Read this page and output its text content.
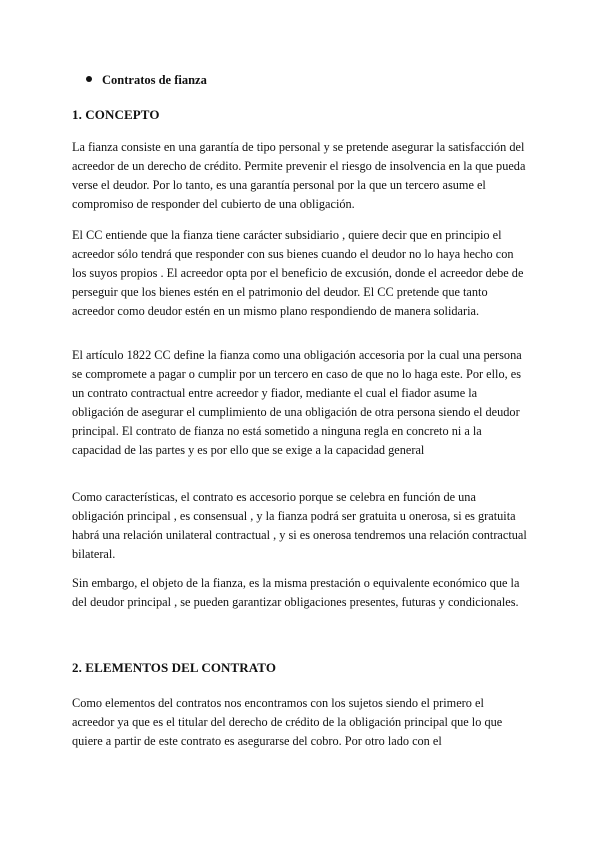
Contratos de fianza
1. CONCEPTO

La fianza consiste en una garantía de tipo personal y se pretende asegurar la satisfacción del acreedor de un derecho de crédito. Permite prevenir el riesgo de insolvencia en la que pueda verse el deudor. Por lo tanto, es una garantía personal por la que un tercero asume el compromiso de responder del cubierto de una obligación.

El CC entiende que la fianza tiene carácter subsidiario , quiere decir que en principio el acreedor sólo tendrá que responder con sus bienes cuando el deudor no lo haya hecho con los suyos propios . El acreedor opta por el beneficio de excusión, donde el acreedor debe de perseguir que los bienes estén en el patrimonio del deudor. El CC pretende que tanto acreedor como deudor estén en un mismo plano respondiendo de manera solidaria.

El artículo 1822 CC define la fianza como una obligación accesoria por la cual una persona se compromete a pagar o cumplir por un tercero en caso de que no lo haga este. Por ello, es un contrato contractual entre acreedor y fiador, mediante el cual el fiador asume la obligación de asegurar el cumplimiento de una obligación de otra persona siendo el deudor principal. El contrato de fianza no está sometido a ninguna regla en concreto ni a la capacidad de las partes y es por ello que se exige a la capacidad general

Como características, el contrato es accesorio porque se celebra en función de una obligación principal , es consensual , y la fianza podrá ser gratuita u onerosa, si es gratuita habrá una relación unilateral contractual , y si es onerosa tendremos una relación contractual bilateral.

Sin embargo, el objeto de la fianza, es la misma prestación o equivalente económico que la del deudor principal , se pueden garantizar obligaciones presentes, futuras y condicionales.

2. ELEMENTOS DEL CONTRATO

Como elementos del contratos nos encontramos con los sujetos siendo el primero el acreedor ya que es el titular del derecho de crédito de la obligación principal que lo que quiere a partir de este contrato es asegurarse del cobro. Por otro lado con el
